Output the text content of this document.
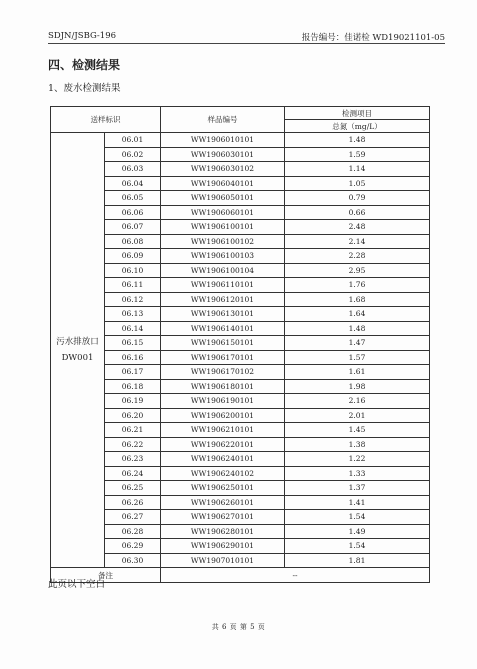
SDJN/JSBG-196	报告编号：佳诺检 WD19021101-05
四、检测结果
1、废水检测结果
送样标识		样品编号	检测项目
			总氮（mg/L）

污水排放口
DW001	06.01	WW1906010101	1.48
	06.02	WW1906030101	1.59
	06.03	WW1906030102	1.14
	06.04	WW1906040101	1.05
	06.05	WW1906050101	0.79
	06.06	WW1906060101	0.66
	06.07	WW1906100101	2.48
	06.08	WW1906100102	2.14
	06.09	WW1906100103	2.28
	06.10	WW1906100104	2.95
	06.11	WW1906110101	1.76
	06.12	WW1906120101	1.68
	06.13	WW1906130101	1.64
	06.14	WW1906140101	1.48
	06.15	WW1906150101	1.47
	06.16	WW1906170101	1.57
	06.17	WW1906170102	1.61
	06.18	WW1906180101	1.98
	06.19	WW1906190101	2.16
	06.20	WW1906200101	2.01
	06.21	WW1906210101	1.45
	06.22	WW1906220101	1.38
	06.23	WW1906240101	1.22
	06.24	WW1906240102	1.33
	06.25	WW1906250101	1.37
	06.26	WW1906260101	1.41
	06.27	WW1906270101	1.54
	06.28	WW1906280101	1.49
	06.29	WW1906290101	1.54
	06.30	WW1907010101	1.81
备注		--	
此页以下空白
共 6 页 第 5 页
